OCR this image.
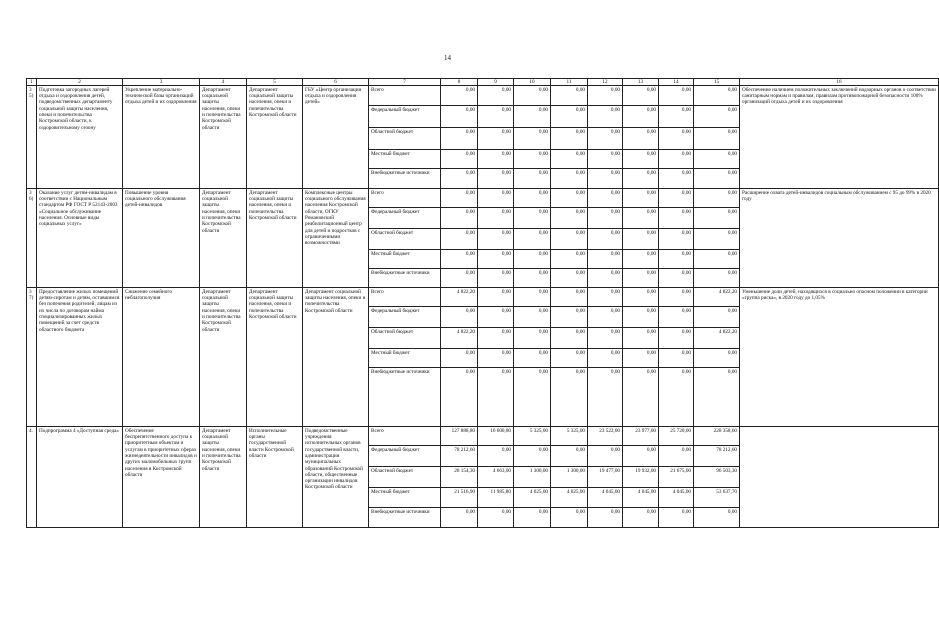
14
1	2	3	4	5	6	7	8	9	10	11	12	13	14	15	16
35)	Подготовка загородных лагерей отдыха и оздоровления детей, подведомственных департаменту социальной защиты населения, опеки и попечительства Костромской области, к оздоровительному сезону	Укрепление материально-технической базы организаций отдыха детей и их оздоровления	Департамент социальной защиты населения, опеки и попечительства Костромской области	Департамент социальной защиты населения, опеки и попечительства Костромской области	ГБУ «Центр организации отдыха и оздоровления детей»	Всего	0,00	0,00	0,00	0,00	0,00	0,00	0,00	0,00	Обеспечение наличием положительных заключений надзорных органов о соответствии санитарным нормам и правилам, правилам противопожарной безопасности 100% организаций отдыха детей и их оздоровления
						Федеральный бюджет	0,00	0,00	0,00	0,00	0,00	0,00	0,00	0,00	
						Областной бюджет	0,00	0,00	0,00	0,00	0,00	0,00	0,00	0,00	
						Местный бюджет	0,00	0,00	0,00	0,00	0,00	0,00	0,00	0,00	
						Внебюджетные источники	0,00	0,00	0,00	0,00	0,00	0,00	0,00	0,00	
36)	Оказание услуг детям-инвалидам в соответствии с Национальным стандартом РФ ГОСТ Р 52143-2003 «Социальное обслуживание населения. Основные виды социальных услуг»	Повышение уровня социального обслуживания детей-инвалидов	Департамент социальной защиты населения, опеки и попечительства Костромской области	Департамент социальной защиты населения, опеки и попечительства Костромской области	Комплексные центры социального обслуживания населения Костромской области, ОГКУ Романовский реабилитационный центр для детей и подростков с ограниченными возможностями	Всего	0,00	0,00	0,00	0,00	0,00	0,00	0,00	0,00	Расширение охвата детей-инвалидов социальным обслуживанием с 95 до 99% в 2020 году
						Федеральный бюджет	0,00	0,00	0,00	0,00	0,00	0,00	0,00	0,00	
						Областной бюджет	0,00	0,00	0,00	0,00	0,00	0,00	0,00	0,00	
						Местный бюджет	0,00	0,00	0,00	0,00	0,00	0,00	0,00	0,00	
						Внебюджетные источники	0,00	0,00	0,00	0,00	0,00	0,00	0,00	0,00	
37)	Предоставление жилых помещений детям-сиротам и детям, оставшимся без попечения родителей, лицам из их числа по договорам найма специализированных жилых помещений за счет средств областного бюджета	Снижение семейного неблагополучия	Департамент социальной защиты населения, опеки и попечительства Костромской области	Департамент социальной защиты населения, опеки и попечительства Костромской области	Департамент социальной защиты населения, опеки и попечительства Костромской области	Всего	4 822,20	0,00	0,00	0,00	0,00	0,00	0,00	4 822,20	Уменьшение доли детей, находящихся в социально опасном положении в категории «группа риска», в 2020 году до 1,05%
						Федеральный бюджет	0,00	0,00	0,00	0,00	0,00	0,00	0,00	0,00	
						Областной бюджет	4 822,20	0,00	0,00	0,00	0,00	0,00	0,00	4 822,20	
						Местный бюджет	0,00	0,00	0,00	0,00	0,00	0,00	0,00	0,00	
						Внебюджетные источники	0,00	0,00	0,00	0,00	0,00	0,00	0,00	0,00	
4.	Подпрограмма 4 «Доступная среда»	Обеспечение беспрепятственного доступа к приоритетным объектам и услугам в приоритетных сферах жизнедеятельности инвалидов и других маломобильных групп населения в Костромской области	Департамент социальной защиты населения, опеки и попечительства Костромской области	Исполнительные органы государственной власти Костромской области	Подведомственные учреждения исполнительных органов государственной власти, администрации муниципальных образований Костромской области, общественные организации инвалидов Костромской области	Всего	127 888,80	16 600,80	5 325,00	5 325,00	23 522,00	23 977,00	25 720,00	228 358,60	
						Федеральный бюджет	78 212,60	0,00	0,00	0,00	0,00	0,00	0,00	78 212,60	
						Областной бюджет	28 154,30	4 663,00	1 300,00	1 300,00	19 477,00	19 932,00	21 675,00	96 503,30	
						Местный бюджет	21 516,90	11 985,80	4 025,00	4 025,00	4 045,00	4 045,00	4 045,00	53 637,70	
						Внебюджетные источники	0,00	0,00	0,00	0,00	0,00	0,00	0,00	0,00	
